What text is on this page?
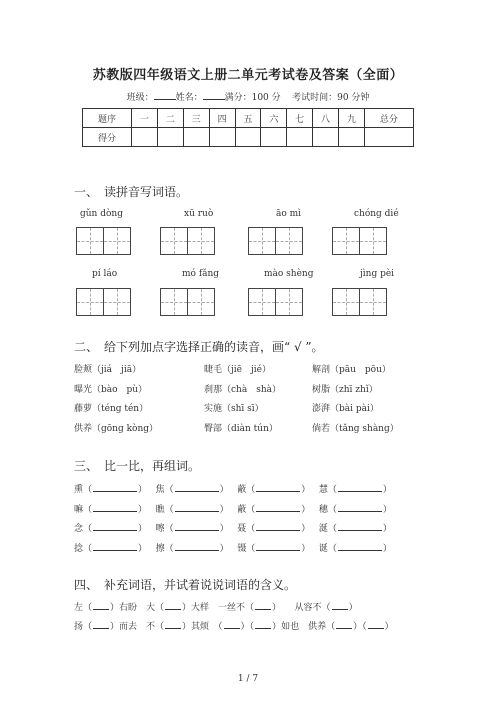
苏教版四年级语文上册二单元考试卷及答案（全面）
班级： 姓名： 满分：100 分 考试时间：90 分钟
题序	一	二	三	四	五	六	七	八	九	总分
得分										
一、　读拼音写词语。
gǔn dòng	xū ruò	āo mì	chóng dié
pí láo	mó fǎng	mào shèng	jìng pèi
二、　给下列加点字选择正确的读音，画“ √ ”。
脸颊（jiá　jiā）	睫毛（jiē　jié）	解剖（pāu　pōu）
曝光（bào　pù）	刹那（chà　shà）	树脂（zhī zhǐ）
藤萝（téng tén）	实施（shī sī）	澎湃（bài pài）
供养（gōng kòng）	臀部（diàn tún）	倘若（tǎng shàng）
三、　比一比，再组词。
熏（	）   焦（	）   蔽（	）   慧（	）
嘛（	）   瞧（	）   蔽（	）   穗（	）
念（	）   嚓（	）   聂（	）   涎（	）
捻（	）   擦（	）   镊（	）   诞（	）
四、　补充词语，并试着说说词语的含义。
左（ ）右盼　大（ ）大样　一丝不（ ）　　从容不（ ）
扬（ ）而去　不（ ）其烦　（ ）（ ）如也　供养（ ）（ ）
1 / 7
